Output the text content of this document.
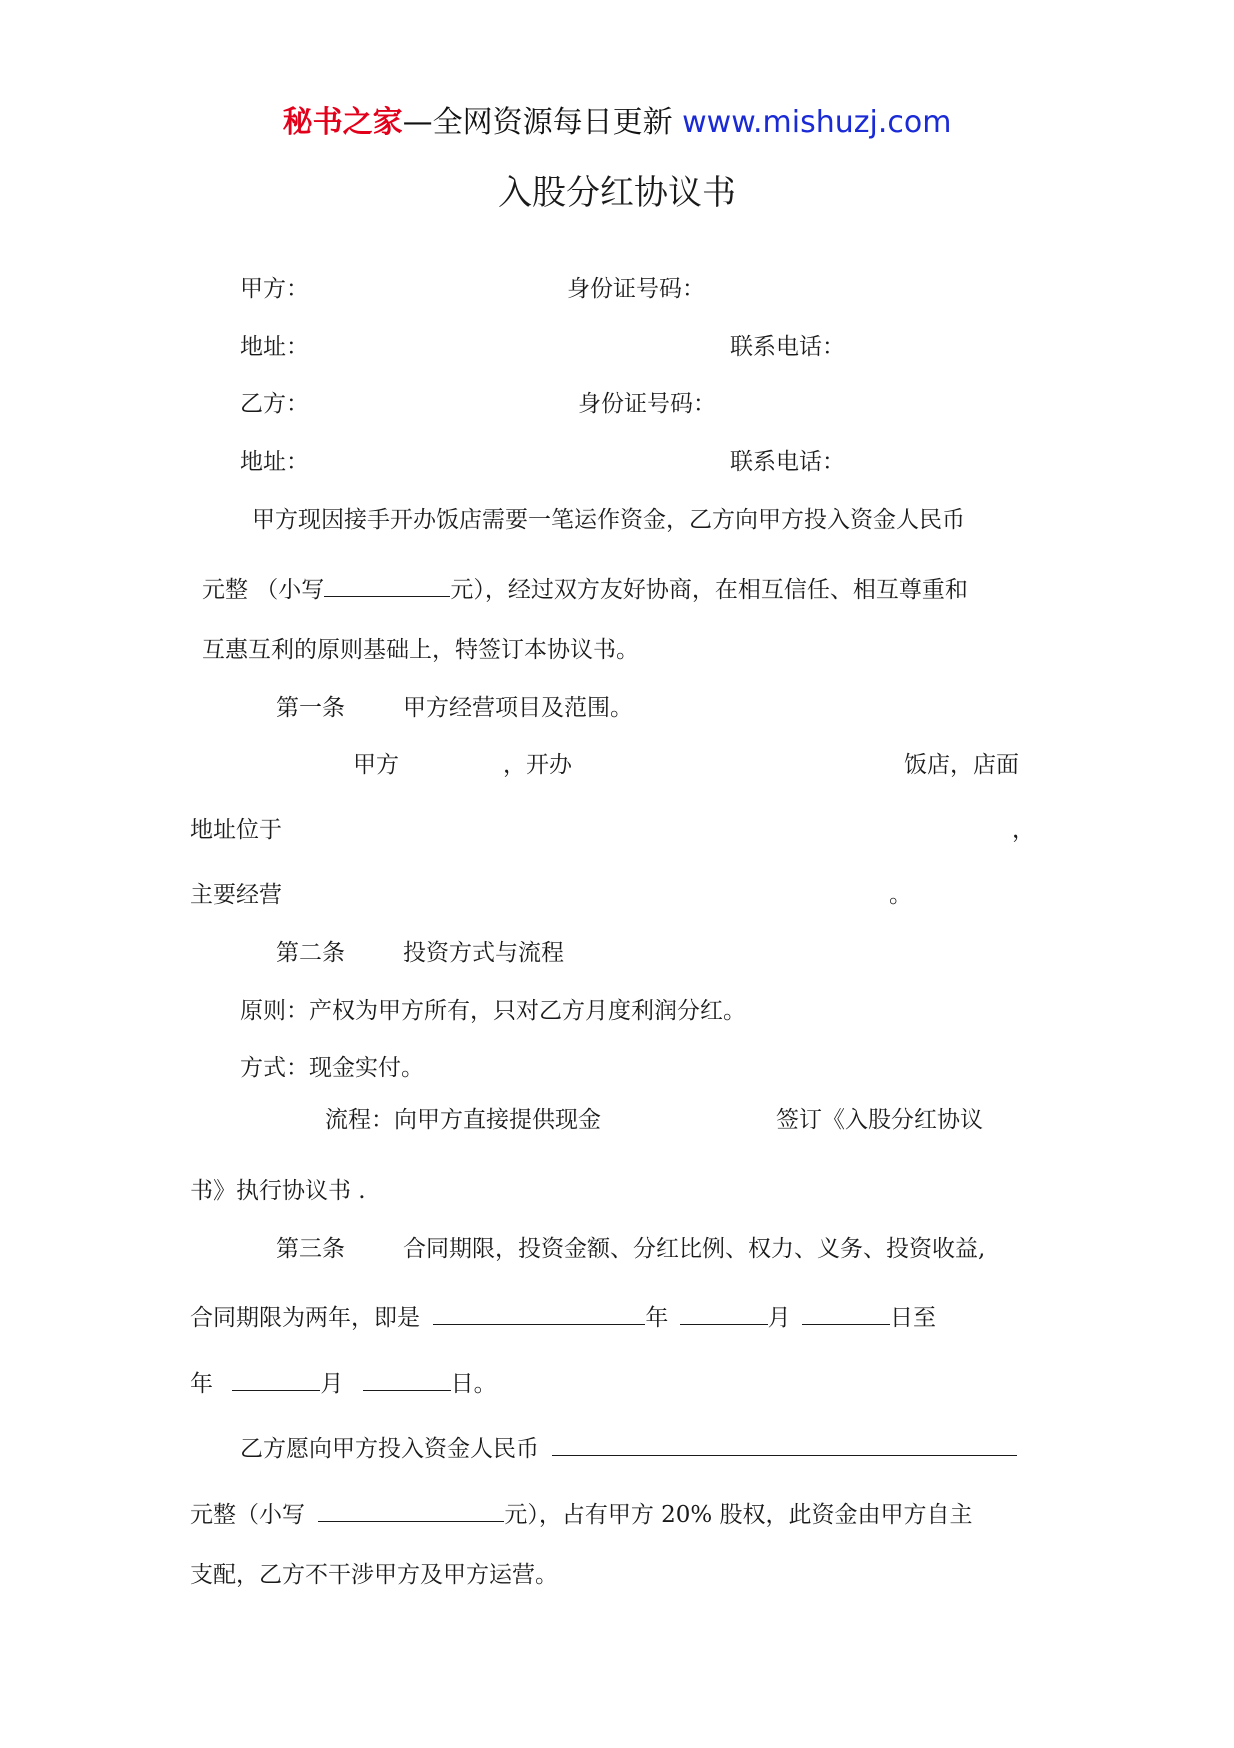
秘书之家—全网资源每日更新 www.mishuzj.com
入股分红协议书
甲方：	身份证号码：
地址：	联系电话：
乙方：	身份证号码：
地址：	联系电话：
甲方现因接手开办饭店需要一笔运作资金，乙方向甲方投入资金人民币
元整 （小写	元），经过双方友好协商，在相互信任、相互尊重和
互惠互利的原则基础上，特签订本协议书。
第一条	甲方经营项目及范围。
甲方	，开办	饭店，店面
地址位于	，
主要经营	。
第二条	投资方式与流程
原则：产权为甲方所有，只对乙方月度利润分红。
方式：现金实付。
流程：向甲方直接提供现金	签订《入股分红协议
书》执行协议书 .
第三条	合同期限，投资金额、分红比例、权力、义务、投资收益,
合同期限为两年，即是	年	月	日至
年	月	日。
乙方愿向甲方投入资金人民币
元整（小写	元），占有甲方 20% 股权，此资金由甲方自主
支配，乙方不干涉甲方及甲方运营。
